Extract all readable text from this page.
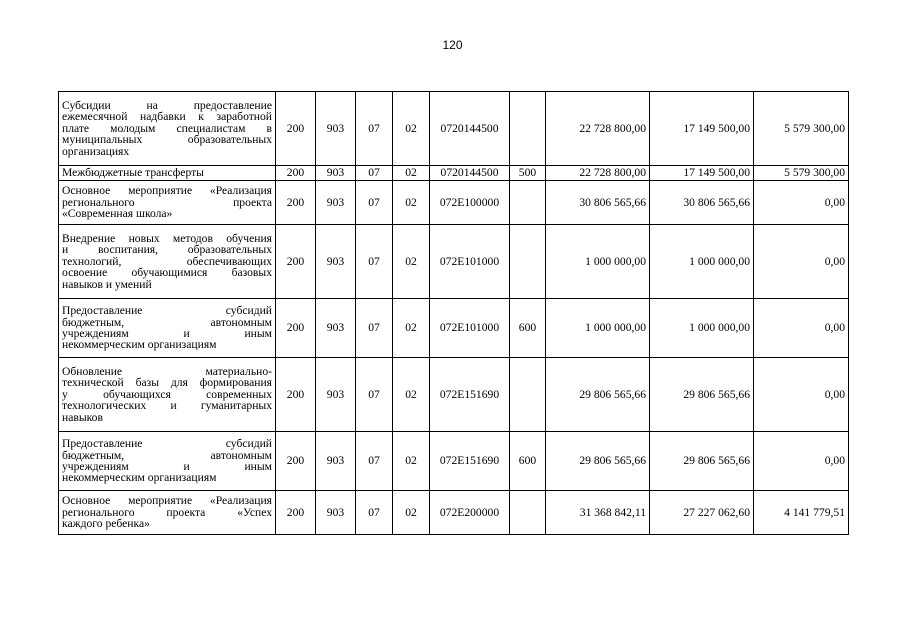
120
Субсидии на предоставление
ежемесячной надбавки к заработной
плате молодым специалистам в
муниципальных образовательных
организациях	200	903	07	02	0720144500		22 728 800,00	17 149 500,00	5 579 300,00

Межбюджетные трансферты	200	903	07	02	0720144500	500	22 728 800,00	17 149 500,00	5 579 300,00

Основное мероприятие «Реализация
регионального проекта
«Современная школа»	200	903	07	02	072E100000		30 806 565,66	30 806 565,66	0,00

Внедрение новых методов обучения
и воспитания, образовательных
технологий, обеспечивающих
освоение обучающимися базовых
навыков и умений	200	903	07	02	072E101000		1 000 000,00	1 000 000,00	0,00

Предоставление субсидий
бюджетным, автономным
учреждениям и иным
некоммерческим организациям	200	903	07	02	072E101000	600	1 000 000,00	1 000 000,00	0,00

Обновление материально-
технической базы для формирования
у обучающихся современных
технологических и гуманитарных
навыков	200	903	07	02	072E151690		29 806 565,66	29 806 565,66	0,00

Предоставление субсидий
бюджетным, автономным
учреждениям и иным
некоммерческим организациям	200	903	07	02	072E151690	600	29 806 565,66	29 806 565,66	0,00

Основное мероприятие «Реализация
регионального проекта «Успех
каждого ребенка»	200	903	07	02	072E200000		31 368 842,11	27 227 062,60	4 141 779,51
